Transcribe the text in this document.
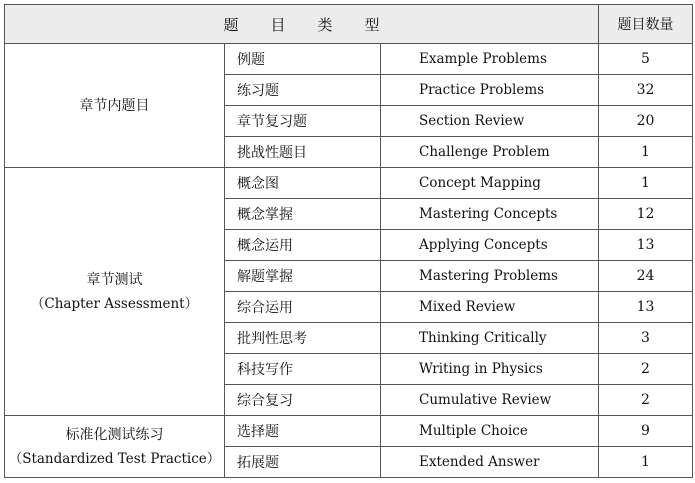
题 目 类 型			题目数量

章节内题目	例题	Example Problems	5
	练习题	Practice Problems	32
	章节复习题	Section Review	20
	挑战性题目	Challenge Problem	1

章节测试
（Chapter Assessment）	概念图	Concept Mapping	1
	概念掌握	Mastering Concepts	12
	概念运用	Applying Concepts	13
	解题掌握	Mastering Problems	24
	综合运用	Mixed Review	13
	批判性思考	Thinking Critically	3
	科技写作	Writing in Physics	2
	综合复习	Cumulative Review	2

标准化测试练习
（Standardized Test Practice）	选择题	Multiple Choice	9
	拓展题	Extended Answer	1
